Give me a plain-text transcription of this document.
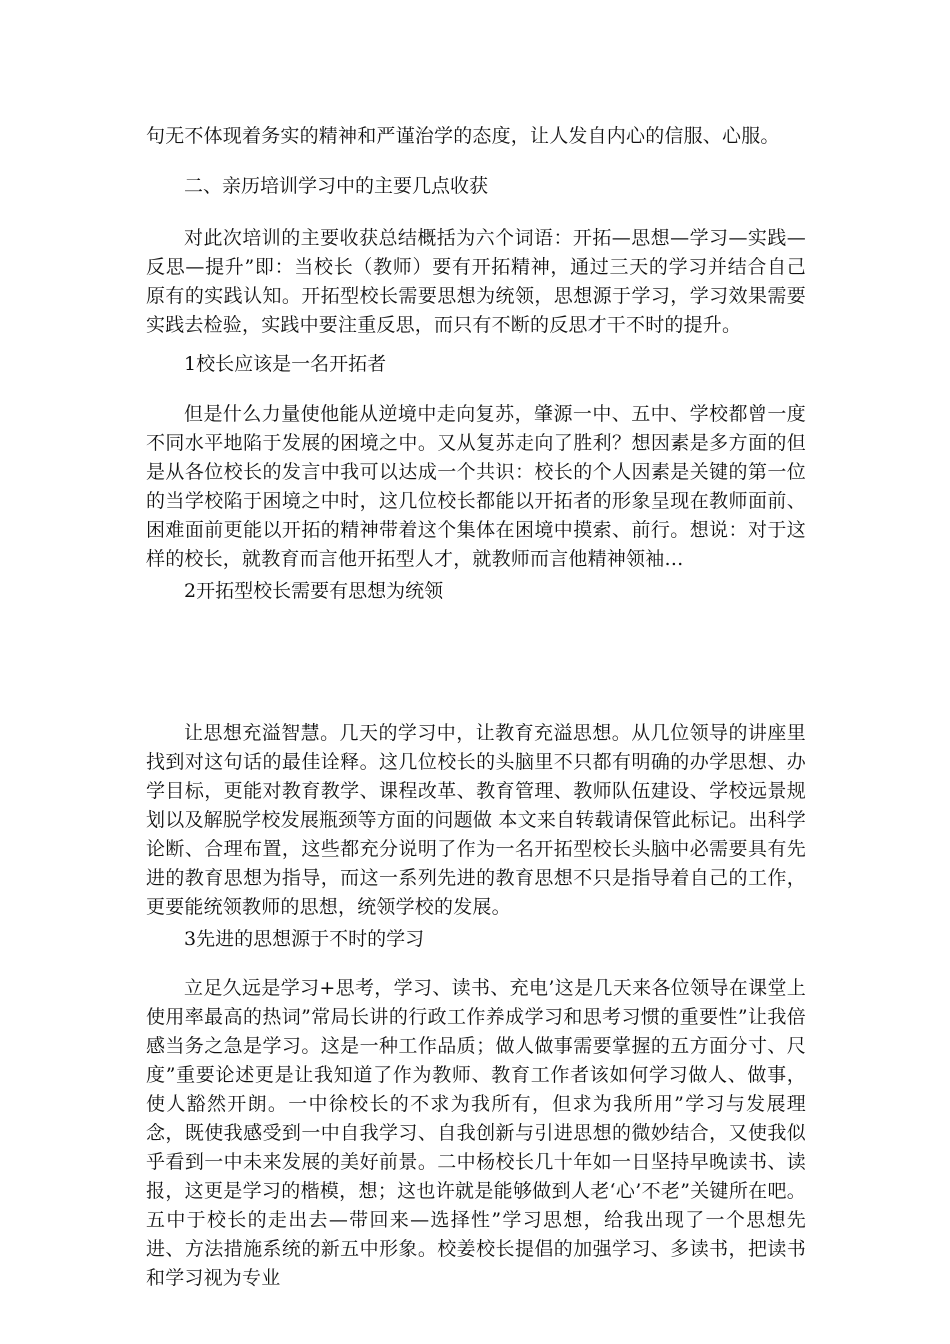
句无不体现着务实的精神和严谨治学的态度，让人发自内心的信服、心服。

二、亲历培训学习中的主要几点收获

对此次培训的主要收获总结概括为六个词语：开拓—思想—学习—实践—反思—提升”即：当校长（教师）要有开拓精神，通过三天的学习并结合自己原有的实践认知。开拓型校长需要思想为统领，思想源于学习，学习效果需要实践去检验，实践中要注重反思，而只有不断的反思才干不时的提升。

1校长应该是一名开拓者

但是什么力量使他能从逆境中走向复苏，肇源一中、五中、学校都曾一度不同水平地陷于发展的困境之中。又从复苏走向了胜利？想因素是多方面的但是从各位校长的发言中我可以达成一个共识：校长的个人因素是关键的第一位的当学校陷于困境之中时，这几位校长都能以开拓者的形象呈现在教师面前、困难面前更能以开拓的精神带着这个集体在困境中摸索、前行。想说：对于这样的校长，就教育而言他开拓型人才，就教师而言他精神领袖…

2开拓型校长需要有思想为统领

让思想充溢智慧。几天的学习中，让教育充溢思想。从几位领导的讲座里找到对这句话的最佳诠释。这几位校长的头脑里不只都有明确的办学思想、办学目标，更能对教育教学、课程改革、教育管理、教师队伍建设、学校远景规划以及解脱学校发展瓶颈等方面的问题做 本文来自转载请保管此标记。出科学论断、合理布置，这些都充分说明了作为一名开拓型校长头脑中必需要具有先进的教育思想为指导，而这一系列先进的教育思想不只是指导着自己的工作，更要能统领教师的思想，统领学校的发展。

3先进的思想源于不时的学习

立足久远是学习+思考，学习、读书、充电’这是几天来各位领导在课堂上使用率最高的热词”常局长讲的行政工作养成学习和思考习惯的重要性”让我倍感当务之急是学习。这是一种工作品质；做人做事需要掌握的五方面分寸、尺度”重要论述更是让我知道了作为教师、教育工作者该如何学习做人、做事，使人豁然开朗。一中徐校长的不求为我所有，但求为我所用”学习与发展理念，既使我感受到一中自我学习、自我创新与引进思想的微妙结合，又使我似乎看到一中未来发展的美好前景。二中杨校长几十年如一日坚持早晚读书、读报，这更是学习的楷模，想；这也许就是能够做到人老‘心’不老”关键所在吧。五中于校长的走出去—带回来—选择性”学习思想，给我出现了一个思想先进、方法措施系统的新五中形象。校姜校长提倡的加强学习、多读书，把读书和学习视为专业
